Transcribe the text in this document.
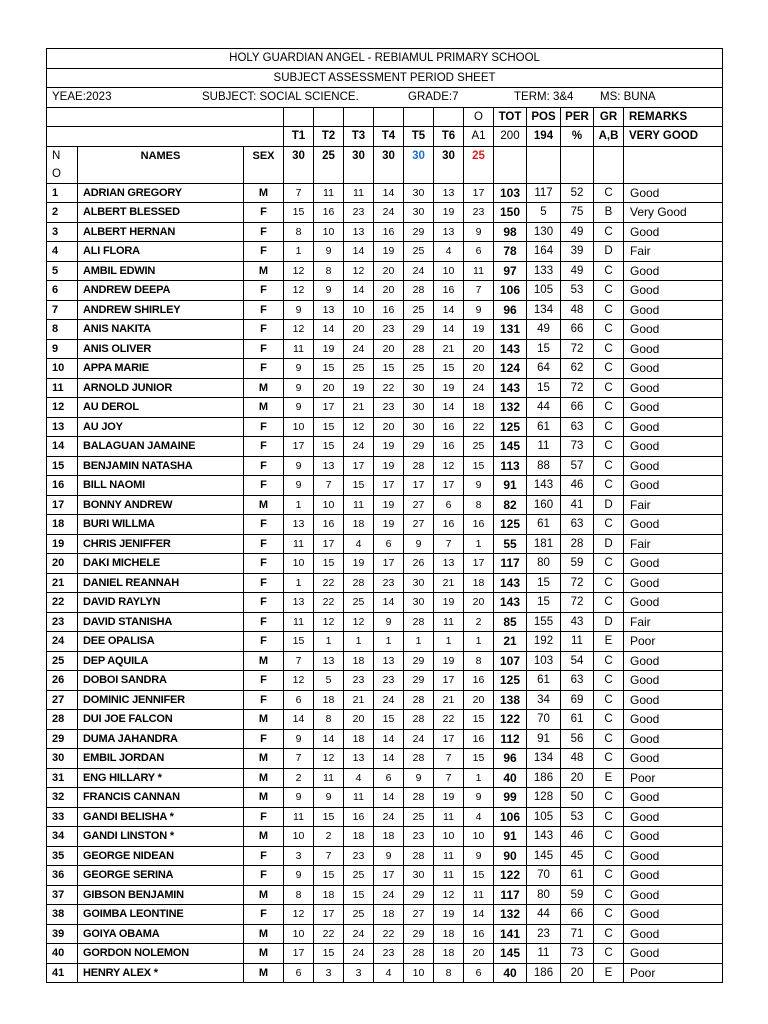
HOLY GUARDIAN ANGEL - REBIAMUL PRIMARY SCHOOL														
SUBJECT ASSESSMENT PERIOD SHEET														

YEAE:2023 SUBJECT: SOCIAL SCIENCE. GRADE:7 TERM: 3&4 MS: BUNA														

									O	TOT	POS	PER	GR	REMARKS
			T1	T2	T3	T4	T5	T6	A1	200	194	%	A,B	VERY GOOD

N
O	NAMES	SEX	30	25	30	30	30	30	25					
1	ADRIAN GREGORY	M	7	11	11	14	30	13	17	103	117	52	C	Good
2	ALBERT BLESSED	F	15	16	23	24	30	19	23	150	5	75	B	Very Good
3	ALBERT HERNAN	F	8	10	13	16	29	13	9	98	130	49	C	Good
4	ALI FLORA	F	1	9	14	19	25	4	6	78	164	39	D	Fair
5	AMBIL EDWIN	M	12	8	12	20	24	10	11	97	133	49	C	Good
6	ANDREW DEEPA	F	12	9	14	20	28	16	7	106	105	53	C	Good
7	ANDREW SHIRLEY	F	9	13	10	16	25	14	9	96	134	48	C	Good
8	ANIS NAKITA	F	12	14	20	23	29	14	19	131	49	66	C	Good
9	ANIS OLIVER	F	11	19	24	20	28	21	20	143	15	72	C	Good
10	APPA MARIE	F	9	15	25	15	25	15	20	124	64	62	C	Good
11	ARNOLD JUNIOR	M	9	20	19	22	30	19	24	143	15	72	C	Good
12	AU DEROL	M	9	17	21	23	30	14	18	132	44	66	C	Good
13	AU JOY	F	10	15	12	20	30	16	22	125	61	63	C	Good
14	BALAGUAN JAMAINE	F	17	15	24	19	29	16	25	145	11	73	C	Good
15	BENJAMIN NATASHA	F	9	13	17	19	28	12	15	113	88	57	C	Good
16	BILL NAOMI	F	9	7	15	17	17	17	9	91	143	46	C	Good
17	BONNY ANDREW	M	1	10	11	19	27	6	8	82	160	41	D	Fair
18	BURI WILLMA	F	13	16	18	19	27	16	16	125	61	63	C	Good
19	CHRIS JENIFFER	F	11	17	4	6	9	7	1	55	181	28	D	Fair
20	DAKI MICHELE	F	10	15	19	17	26	13	17	117	80	59	C	Good
21	DANIEL REANNAH	F	1	22	28	23	30	21	18	143	15	72	C	Good
22	DAVID RAYLYN	F	13	22	25	14	30	19	20	143	15	72	C	Good
23	DAVID STANISHA	F	11	12	12	9	28	11	2	85	155	43	D	Fair
24	DEE OPALISA	F	15	1	1	1	1	1	1	21	192	11	E	Poor
25	DEP AQUILA	M	7	13	18	13	29	19	8	107	103	54	C	Good
26	DOBOI SANDRA	F	12	5	23	23	29	17	16	125	61	63	C	Good
27	DOMINIC JENNIFER	F	6	18	21	24	28	21	20	138	34	69	C	Good
28	DUI JOE FALCON	M	14	8	20	15	28	22	15	122	70	61	C	Good
29	DUMA JAHANDRA	F	9	14	18	14	24	17	16	112	91	56	C	Good
30	EMBIL JORDAN	M	7	12	13	14	28	7	15	96	134	48	C	Good
31	ENG HILLARY *	M	2	11	4	6	9	7	1	40	186	20	E	Poor
32	FRANCIS CANNAN	M	9	9	11	14	28	19	9	99	128	50	C	Good
33	GANDI BELISHA *	F	11	15	16	24	25	11	4	106	105	53	C	Good
34	GANDI LINSTON *	M	10	2	18	18	23	10	10	91	143	46	C	Good
35	GEORGE NIDEAN	F	3	7	23	9	28	11	9	90	145	45	C	Good
36	GEORGE SERINA	F	9	15	25	17	30	11	15	122	70	61	C	Good
37	GIBSON BENJAMIN	M	8	18	15	24	29	12	11	117	80	59	C	Good
38	GOIMBA LEONTINE	F	12	17	25	18	27	19	14	132	44	66	C	Good
39	GOIYA OBAMA	M	10	22	24	22	29	18	16	141	23	71	C	Good
40	GORDON NOLEMON	M	17	15	24	23	28	18	20	145	11	73	C	Good
41	HENRY ALEX *	M	6	3	3	4	10	8	6	40	186	20	E	Poor
